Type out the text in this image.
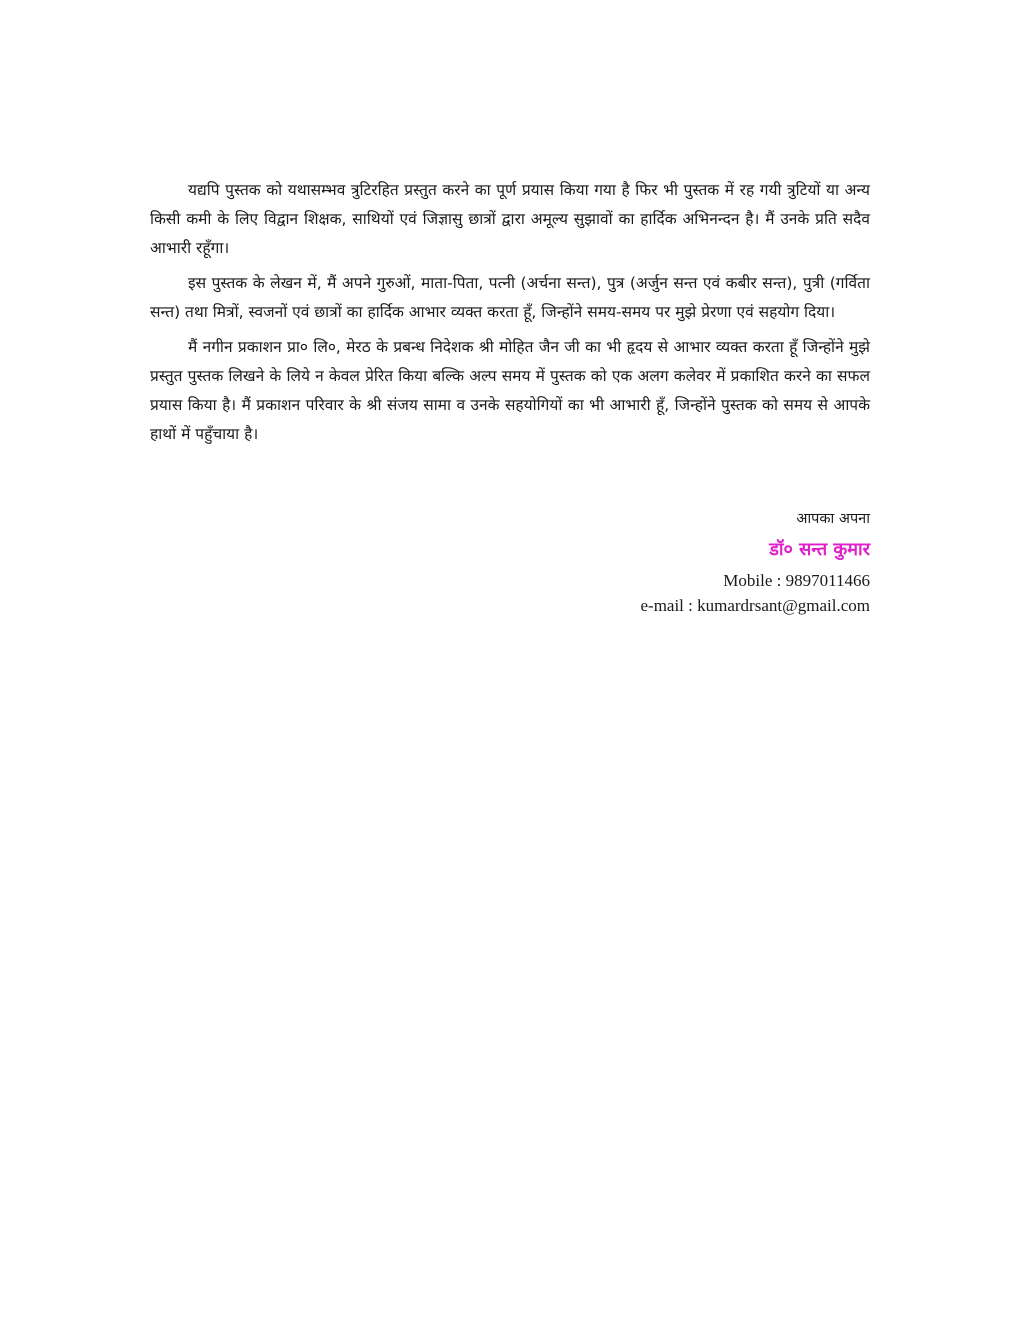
यद्यपि पुस्तक को यथासम्भव त्रुटिरहित प्रस्तुत करने का पूर्ण प्रयास किया गया है फिर भी पुस्तक में रह गयी त्रुटियों या अन्य किसी कमी के लिए विद्वान शिक्षक, साथियों एवं जिज्ञासु छात्रों द्वारा अमूल्य सुझावों का हार्दिक अभिनन्दन है। मैं उनके प्रति सदैव आभारी रहूँगा।

इस पुस्तक के लेखन में, मैं अपने गुरुओं, माता-पिता, पत्नी (अर्चना सन्त), पुत्र (अर्जुन सन्त एवं कबीर सन्त), पुत्री (गर्विता सन्त) तथा मित्रों, स्वजनों एवं छात्रों का हार्दिक आभार व्यक्त करता हूँ, जिन्होंने समय-समय पर मुझे प्रेरणा एवं सहयोग दिया।

मैं नगीन प्रकाशन प्रा० लि०, मेरठ के प्रबन्ध निदेशक श्री मोहित जैन जी का भी हृदय से आभार व्यक्त करता हूँ जिन्होंने मुझे प्रस्तुत पुस्तक लिखने के लिये न केवल प्रेरित किया बल्कि अल्प समय में पुस्तक को एक अलग कलेवर में प्रकाशित करने का सफल प्रयास किया है। मैं प्रकाशन परिवार के श्री संजय सामा व उनके सहयोगियों का भी आभारी हूँ, जिन्होंने पुस्तक को समय से आपके हाथों में पहुँचाया है।

आपका अपना
डॉ० सन्त कुमार
Mobile : 9897011466
e-mail : kumardrsant@gmail.com
